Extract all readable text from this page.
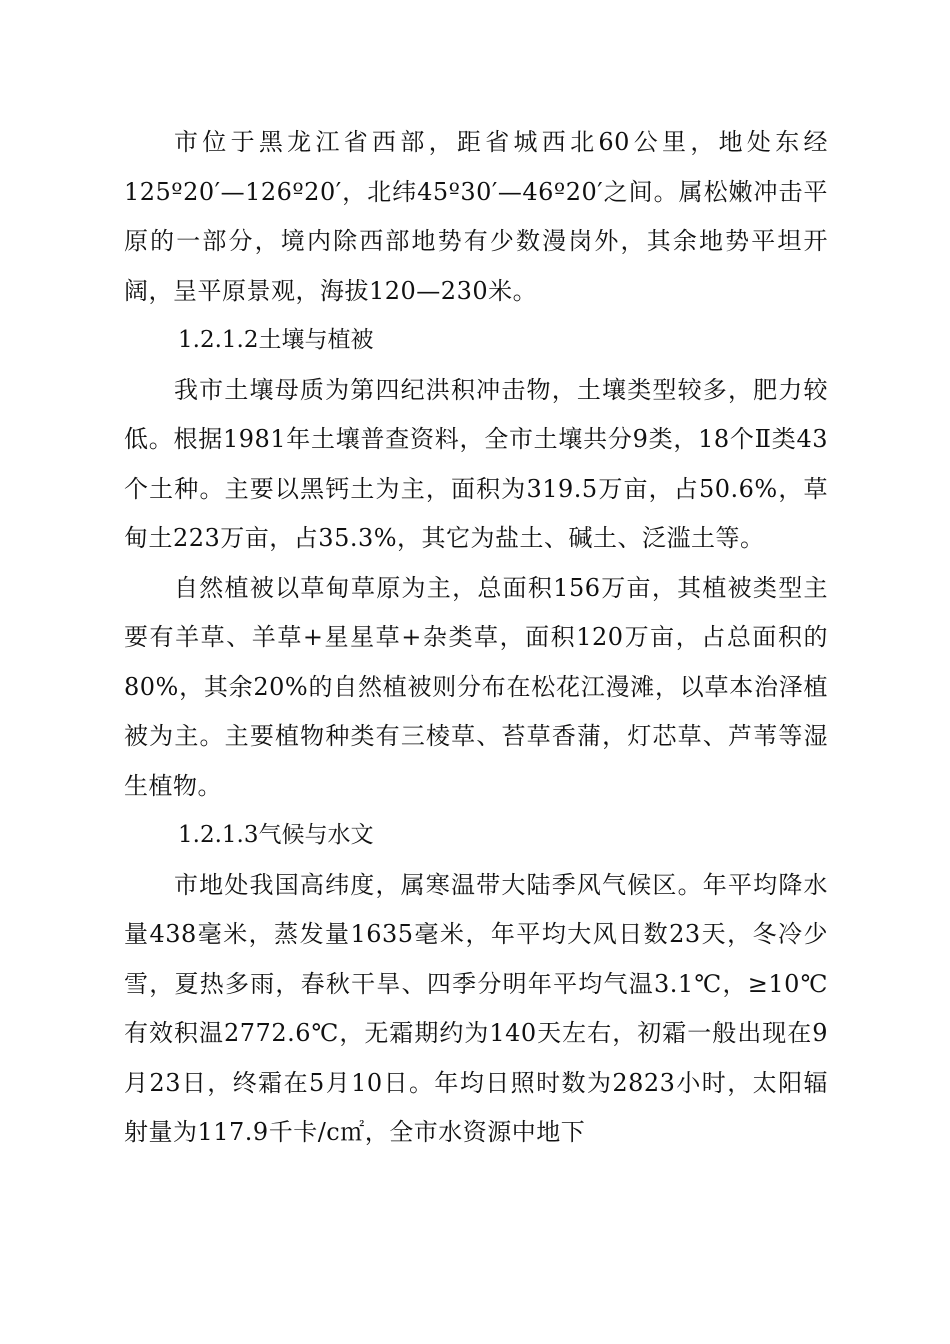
市位于黑龙江省西部，距省城西北60公里，地处东经125º20′—126º20′，北纬45º30′—46º20′之间。属松嫩冲击平原的一部分，境内除西部地势有少数漫岗外，其余地势平坦开阔，呈平原景观，海拔120—230米。

1.2.1.2土壤与植被

我市土壤母质为第四纪洪积冲击物，土壤类型较多，肥力较低。根据1981年土壤普查资料，全市土壤共分9类，18个Ⅱ类43个土种。主要以黑钙土为主，面积为319.5万亩，占50.6%，草甸土223万亩，占35.3%，其它为盐土、碱土、泛滥土等。

自然植被以草甸草原为主，总面积156万亩，其植被类型主要有羊草、羊草+星星草+杂类草，面积120万亩，占总面积的80%，其余20%的自然植被则分布在松花江漫滩，以草本治泽植被为主。主要植物种类有三棱草、苔草香蒲，灯芯草、芦苇等湿生植物。

1.2.1.3气候与水文

市地处我国高纬度，属寒温带大陆季风气候区。年平均降水量438毫米，蒸发量1635毫米，年平均大风日数23天，冬冷少雪，夏热多雨，春秋干旱、四季分明年平均气温3.1℃，≥10℃有效积温2772.6℃，无霜期约为140天左右，初霜一般出现在9月23日，终霜在5月10日。年均日照时数为2823小时，太阳辐射量为117.9千卡/c㎡，全市水资源中地下
